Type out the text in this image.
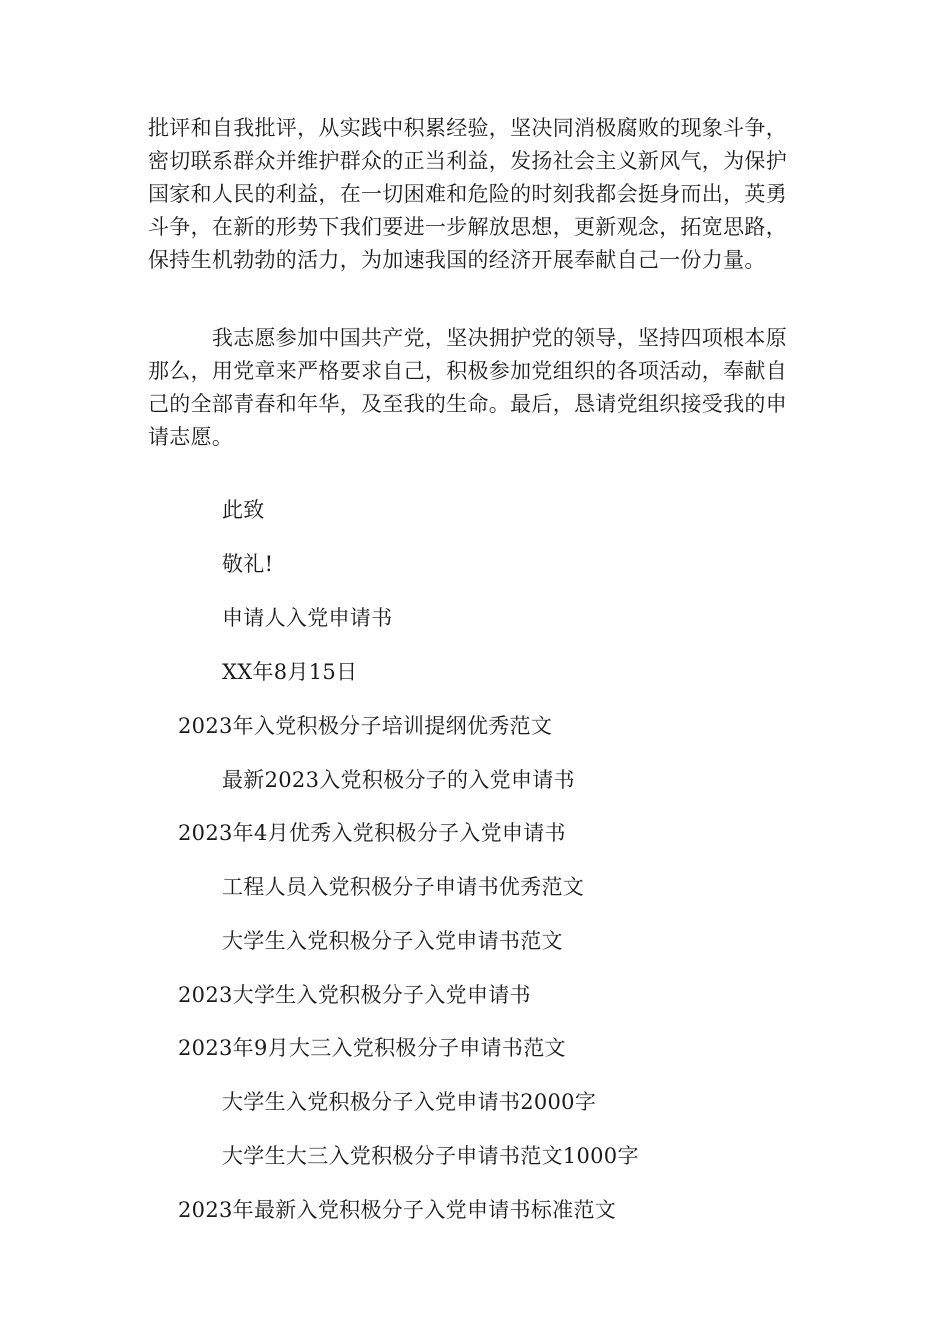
批评和自我批评，从实践中积累经验，坚决同消极腐败的现象斗争，
密切联系群众并维护群众的正当利益，发扬社会主义新风气，为保护
国家和人民的利益，在一切困难和危险的时刻我都会挺身而出，英勇
斗争，在新的形势下我们要进一步解放思想，更新观念，拓宽思路，
保持生机勃勃的活力，为加速我国的经济开展奉献自己一份力量。
　　　我志愿参加中国共产党，坚决拥护党的领导，坚持四项根本原
那么，用党章来严格要求自己，积极参加党组织的各项活动，奉献自
己的全部青春和年华，及至我的生命。最后，恳请党组织接受我的申
请志愿。

此致

敬礼!

申请人入党申请书

XX年8月15日

2023年入党积极分子培训提纲优秀范文

最新2023入党积极分子的入党申请书

2023年4月优秀入党积极分子入党申请书

工程人员入党积极分子申请书优秀范文

大学生入党积极分子入党申请书范文

2023大学生入党积极分子入党申请书

2023年9月大三入党积极分子申请书范文

大学生入党积极分子入党申请书2000字

大学生大三入党积极分子申请书范文1000字

2023年最新入党积极分子入党申请书标准范文
